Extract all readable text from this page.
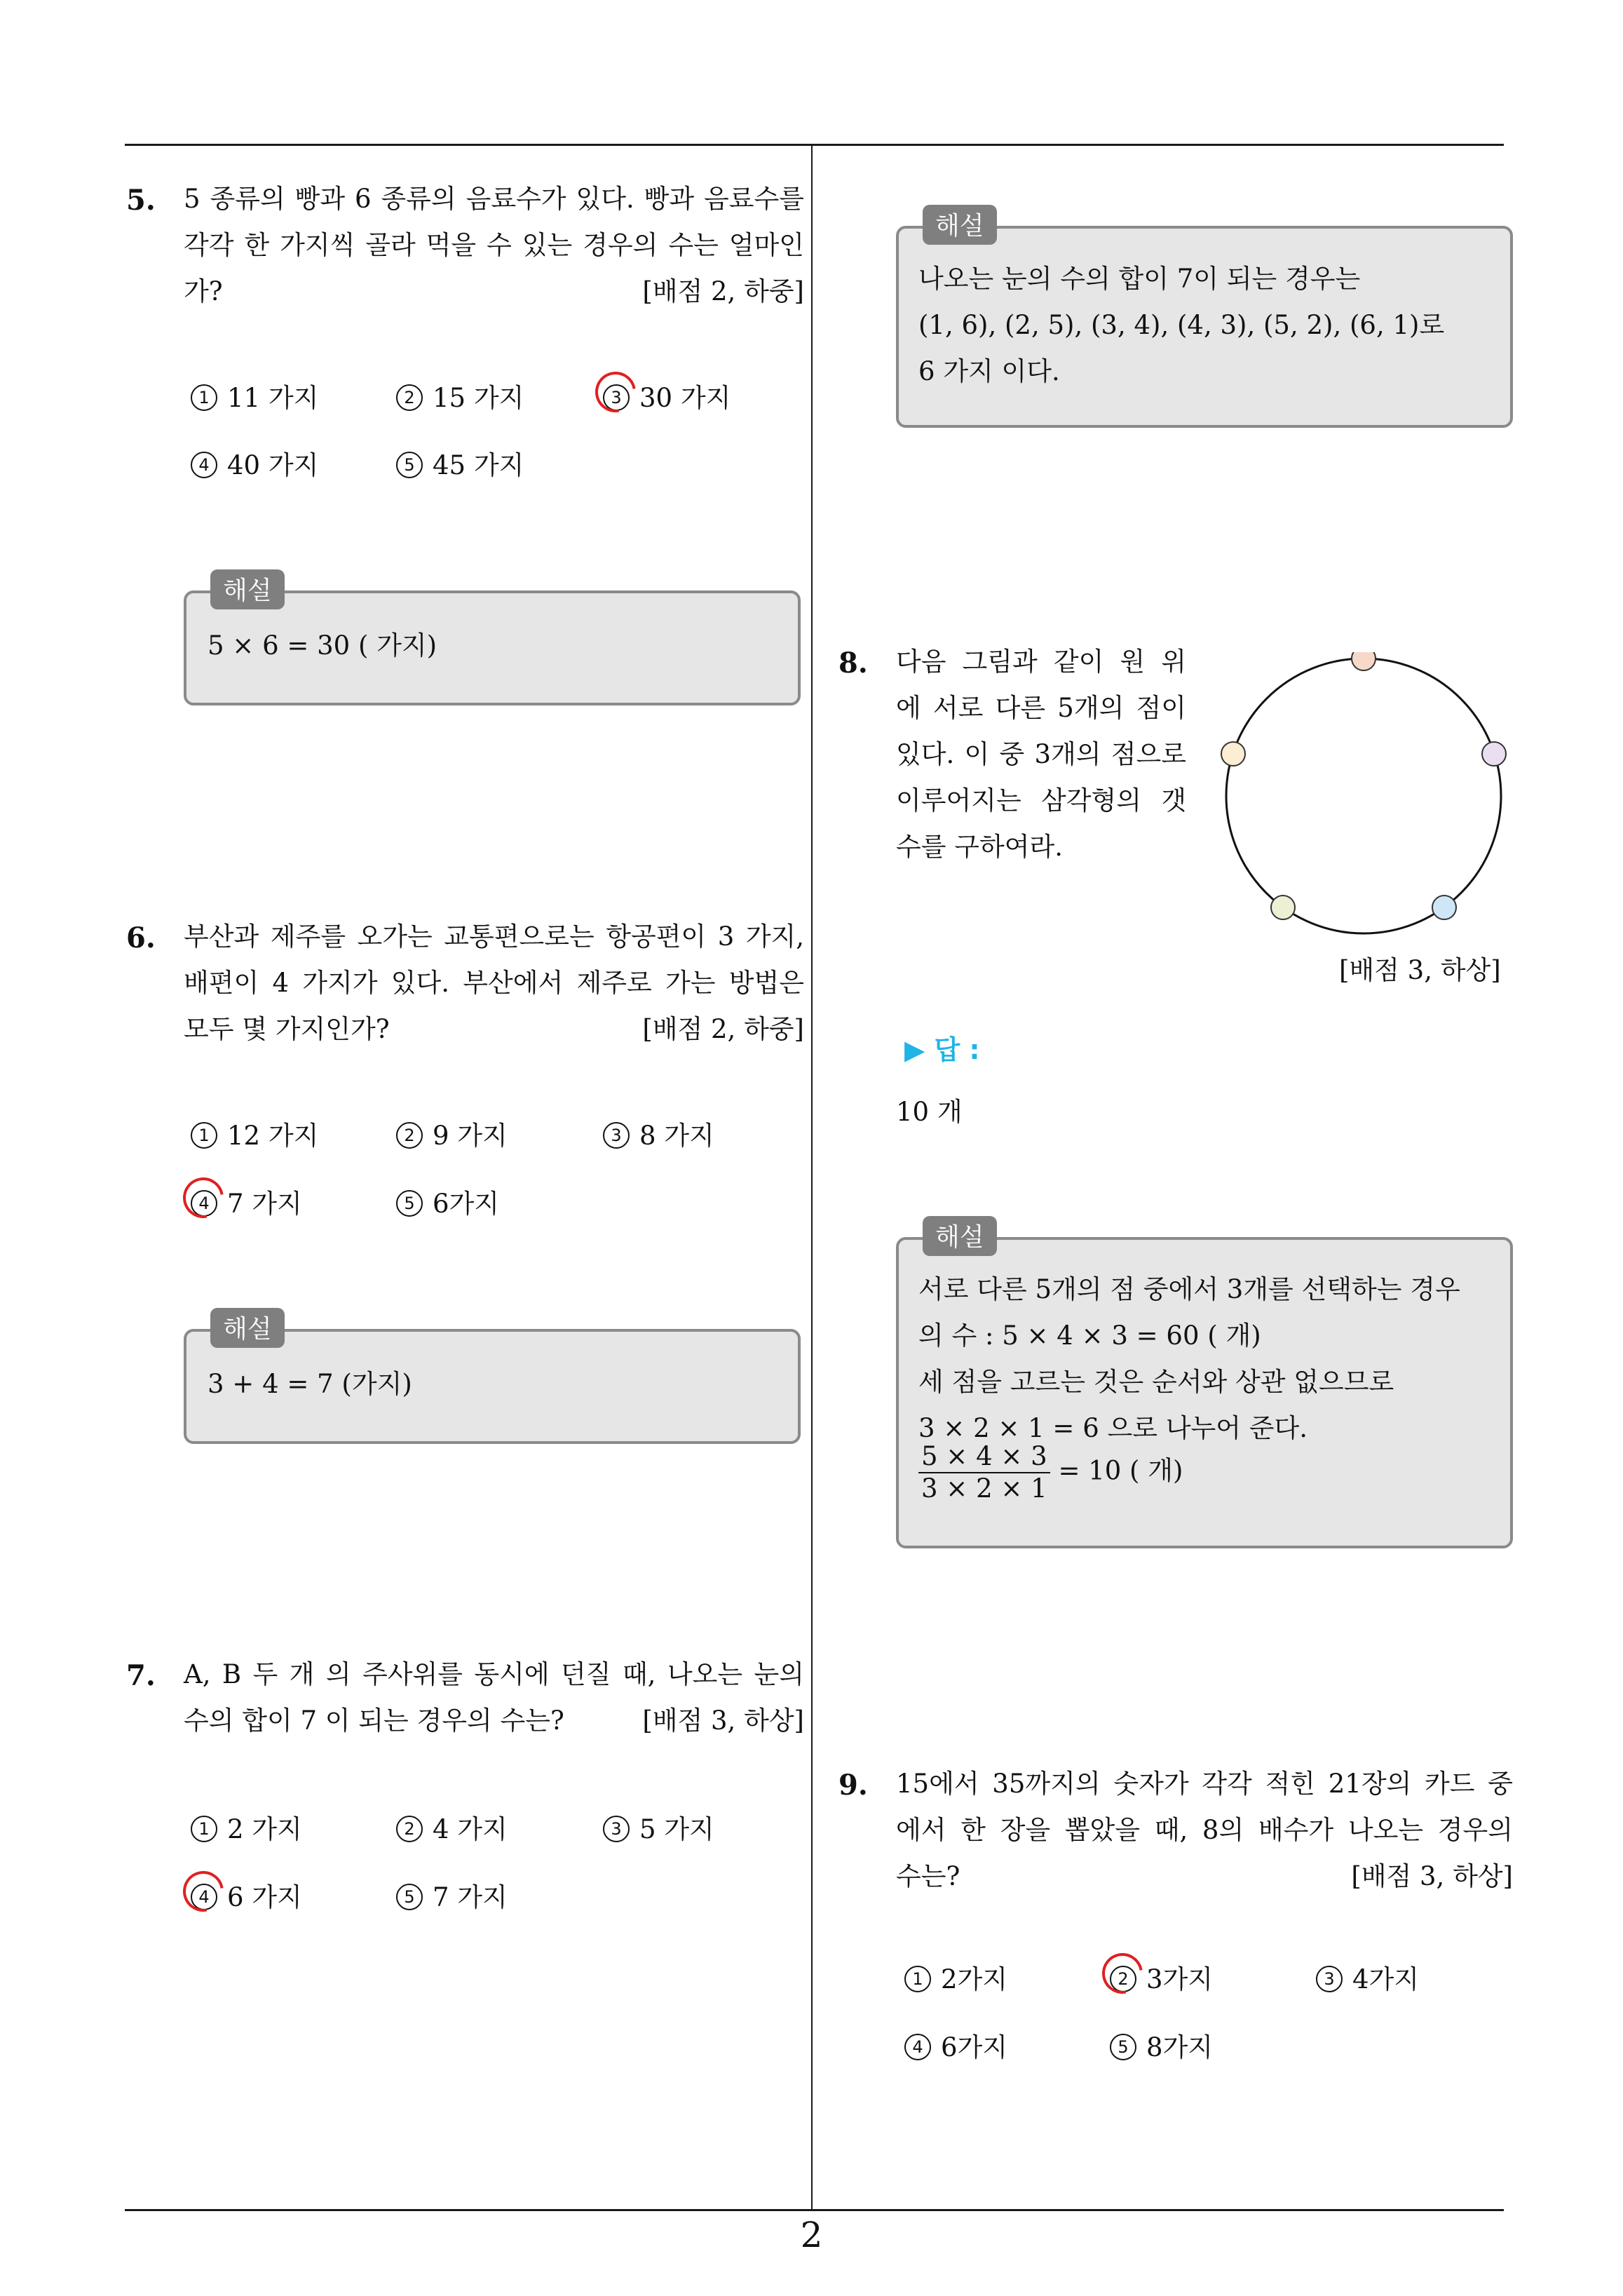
5. 5 종류의 빵과 6 종류의 음료수가 있다. 빵과 음료수를
각각 한 가지씩 골라 먹을 수 있는 경우의 수는 얼마인
가?	[배점 2, 하중]
1 11 가지	2 15 가지	3 30 가지
4 40 가지	5 45 가지
해설
5 × 6 = 30 ( 가지)
6. 부산과 제주를 오가는 교통편으로는 항공편이 3 가지,
배편이 4 가지가 있다. 부산에서 제주로 가는 방법은
모두 몇 가지인가?	[배점 2, 하중]
1 12 가지	2 9 가지	3 8 가지
4 7 가지	5 6가지
해설
3 + 4 = 7 (가지)
7. A, B 두 개 의 주사위를 동시에 던질 때, 나오는 눈의
수의 합이 7 이 되는 경우의 수는?	[배점 3, 하상]
1 2 가지	2 4 가지	3 5 가지
4 6 가지	5 7 가지
해설
나오는 눈의 수의 합이 7이 되는 경우는
(1, 6), (2, 5), (3, 4), (4, 3), (5, 2), (6, 1)로
6 가지 이다.
8. 다음 그림과 같이 원 위
에 서로 다른 5개의 점이
있다. 이 중 3개의 점으로
이루어지는 삼각형의 갯
수를 구하여라.
[배점 3, 하상]
▶ 답 :
10 개
해설
서로 다른 5개의 점 중에서 3개를 선택하는 경우
의 수 : 5 × 4 × 3 = 60 ( 개)
세 점을 고르는 것은 순서와 상관 없으므로
3 × 2 × 1 = 6 으로 나누어 준다.
$\frac{5 \times 4 \times 3}{3 \times 2 \times 1} = 10$ ( 개)
9. 15에서 35까지의 숫자가 각각 적힌 21장의 카드 중
에서 한 장을 뽑았을 때, 8의 배수가 나오는 경우의
수는?	[배점 3, 하상]
1 2가지	2 3가지	3 4가지
4 6가지	5 8가지
2
